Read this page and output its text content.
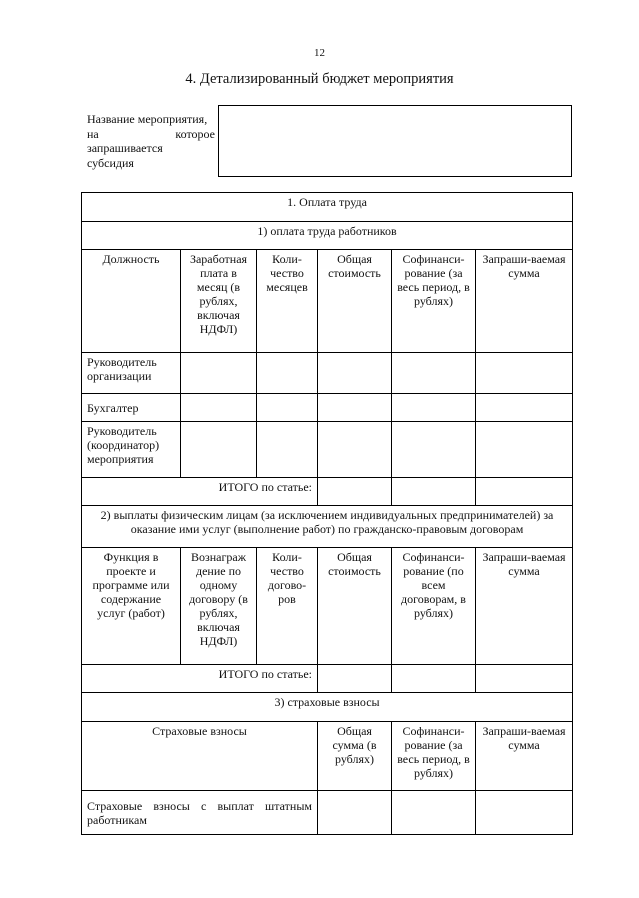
12
4. Детализированный бюджет мероприятия
Название мероприятия,
на	которое
запрашивается
субсидия
1. Оплата труда					
1) оплата труда работников					
Должность	Заработная плата в месяц (в рублях, включая НДФЛ)	Коли-чество месяцев	Общая стоимость	Софинанси-рование (за весь период, в рублях)	Запраши-ваемая сумма
Руководитель организации					
Бухгалтер					
Руководитель (координатор) мероприятия					
ИТОГО по статье:					
2) выплаты физическим лицам (за исключением индивидуальных предпринимателей) за оказание ими услуг (выполнение работ) по гражданско-правовым договорам					
Функция в проекте и программе или содержание услуг (работ)	Вознаграж дение по одному договору (в рублях, включая НДФЛ)	Коли-чество догово-ров	Общая стоимость	Софинанси-рование (по всем договорам, в рублях)	Запраши-ваемая сумма
ИТОГО по статье:					
3) страховые взносы					
Страховые взносы			Общая сумма (в рублях)	Софинанси-рование (за весь период, в рублях)	Запраши-ваемая сумма
Страховые взносы с выплат штатным работникам					
